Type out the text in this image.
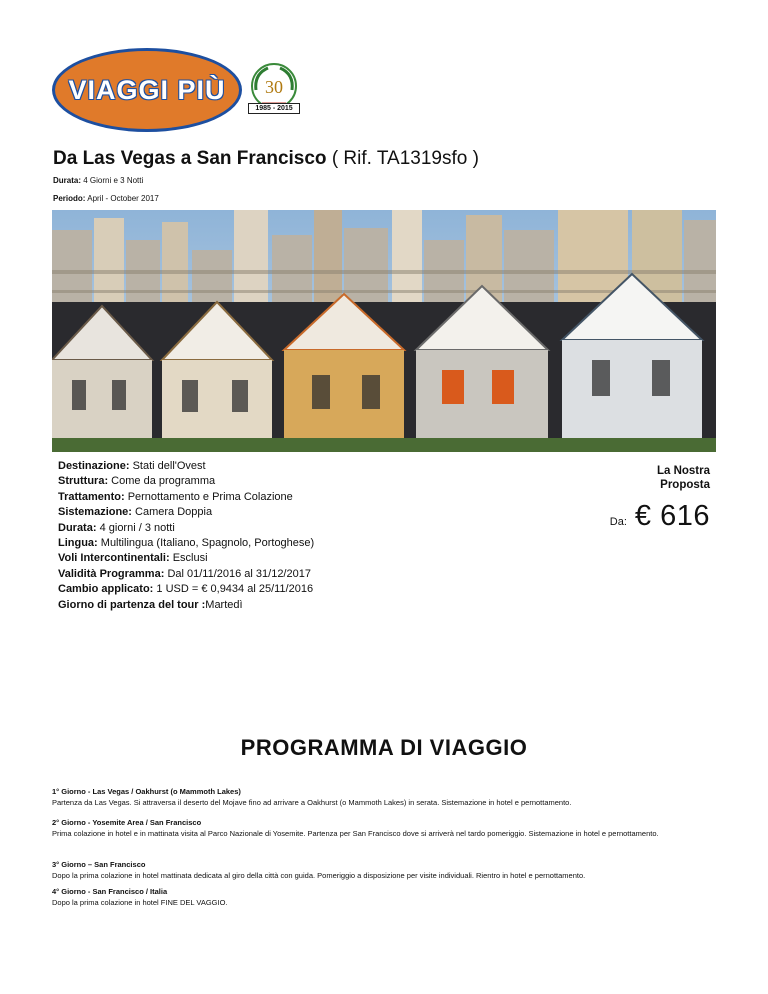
VIAGGI PIÙ 30
1985 - 2015
Da Las Vegas a San Francisco ( Rif. TA1319sfo )
Durata: 4 Giorni e 3 Notti
Periodo: April - October 2017
Destinazione: Stati dell'Ovest
Struttura: Come da programma
Trattamento: Pernottamento e Prima Colazione
Sistemazione: Camera Doppia
Durata: 4 giorni / 3 notti
Lingua: Multilingua (Italiano, Spagnolo, Portoghese)
Voli Intercontinentali: Esclusi
Validità Programma: Dal 01/11/2016 al 31/12/2017
Cambio applicato: 1 USD = € 0,9434 al 25/11/2016
Giorno di partenza del tour :Martedì
La Nostra
Proposta
Da: € 616
PROGRAMMA DI VIAGGIO
1° Giorno - Las Vegas / Oakhurst (o Mammoth Lakes)
Partenza da Las Vegas. Si attraversa il deserto del Mojave fino ad arrivare a Oakhurst (o Mammoth Lakes) in serata. Sistemazione in hotel e pernottamento.
2° Giorno - Yosemite Area / San Francisco
Prima colazione in hotel e in mattinata visita al Parco Nazionale di Yosemite. Partenza per San Francisco dove si arriverà nel tardo pomeriggio. Sistemazione in hotel e pernottamento.
3° Giorno – San Francisco
Dopo la prima colazione in hotel mattinata dedicata al giro della città con guida. Pomeriggio a disposizione per visite individuali. Rientro in hotel e pernottamento.
4° Giorno - San Francisco / Italia
Dopo la prima colazione in hotel FINE DEL VAGGIO.
